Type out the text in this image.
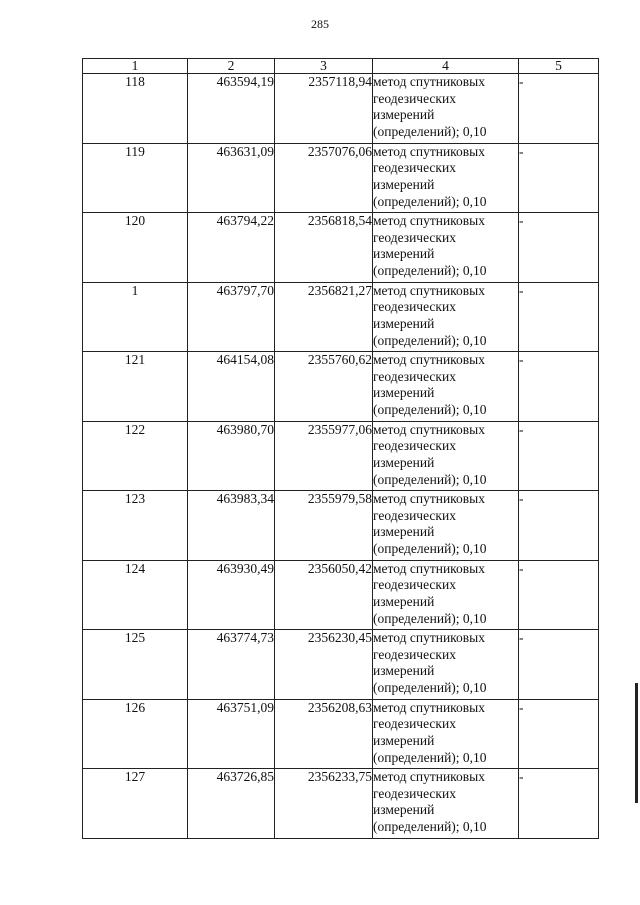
285
1	2	3	4	5
118	463594,19	2357118,94	метод спутниковых геодезических измерений (определений); 0,10	-
119	463631,09	2357076,06	метод спутниковых геодезических измерений (определений); 0,10	-
120	463794,22	2356818,54	метод спутниковых геодезических измерений (определений); 0,10	-
1	463797,70	2356821,27	метод спутниковых геодезических измерений (определений); 0,10	-
121	464154,08	2355760,62	метод спутниковых геодезических измерений (определений); 0,10	-
122	463980,70	2355977,06	метод спутниковых геодезических измерений (определений); 0,10	-
123	463983,34	2355979,58	метод спутниковых геодезических измерений (определений); 0,10	-
124	463930,49	2356050,42	метод спутниковых геодезических измерений (определений); 0,10	-
125	463774,73	2356230,45	метод спутниковых геодезических измерений (определений); 0,10	-
126	463751,09	2356208,63	метод спутниковых геодезических измерений (определений); 0,10	-
127	463726,85	2356233,75	метод спутниковых геодезических измерений (определений); 0,10	-
